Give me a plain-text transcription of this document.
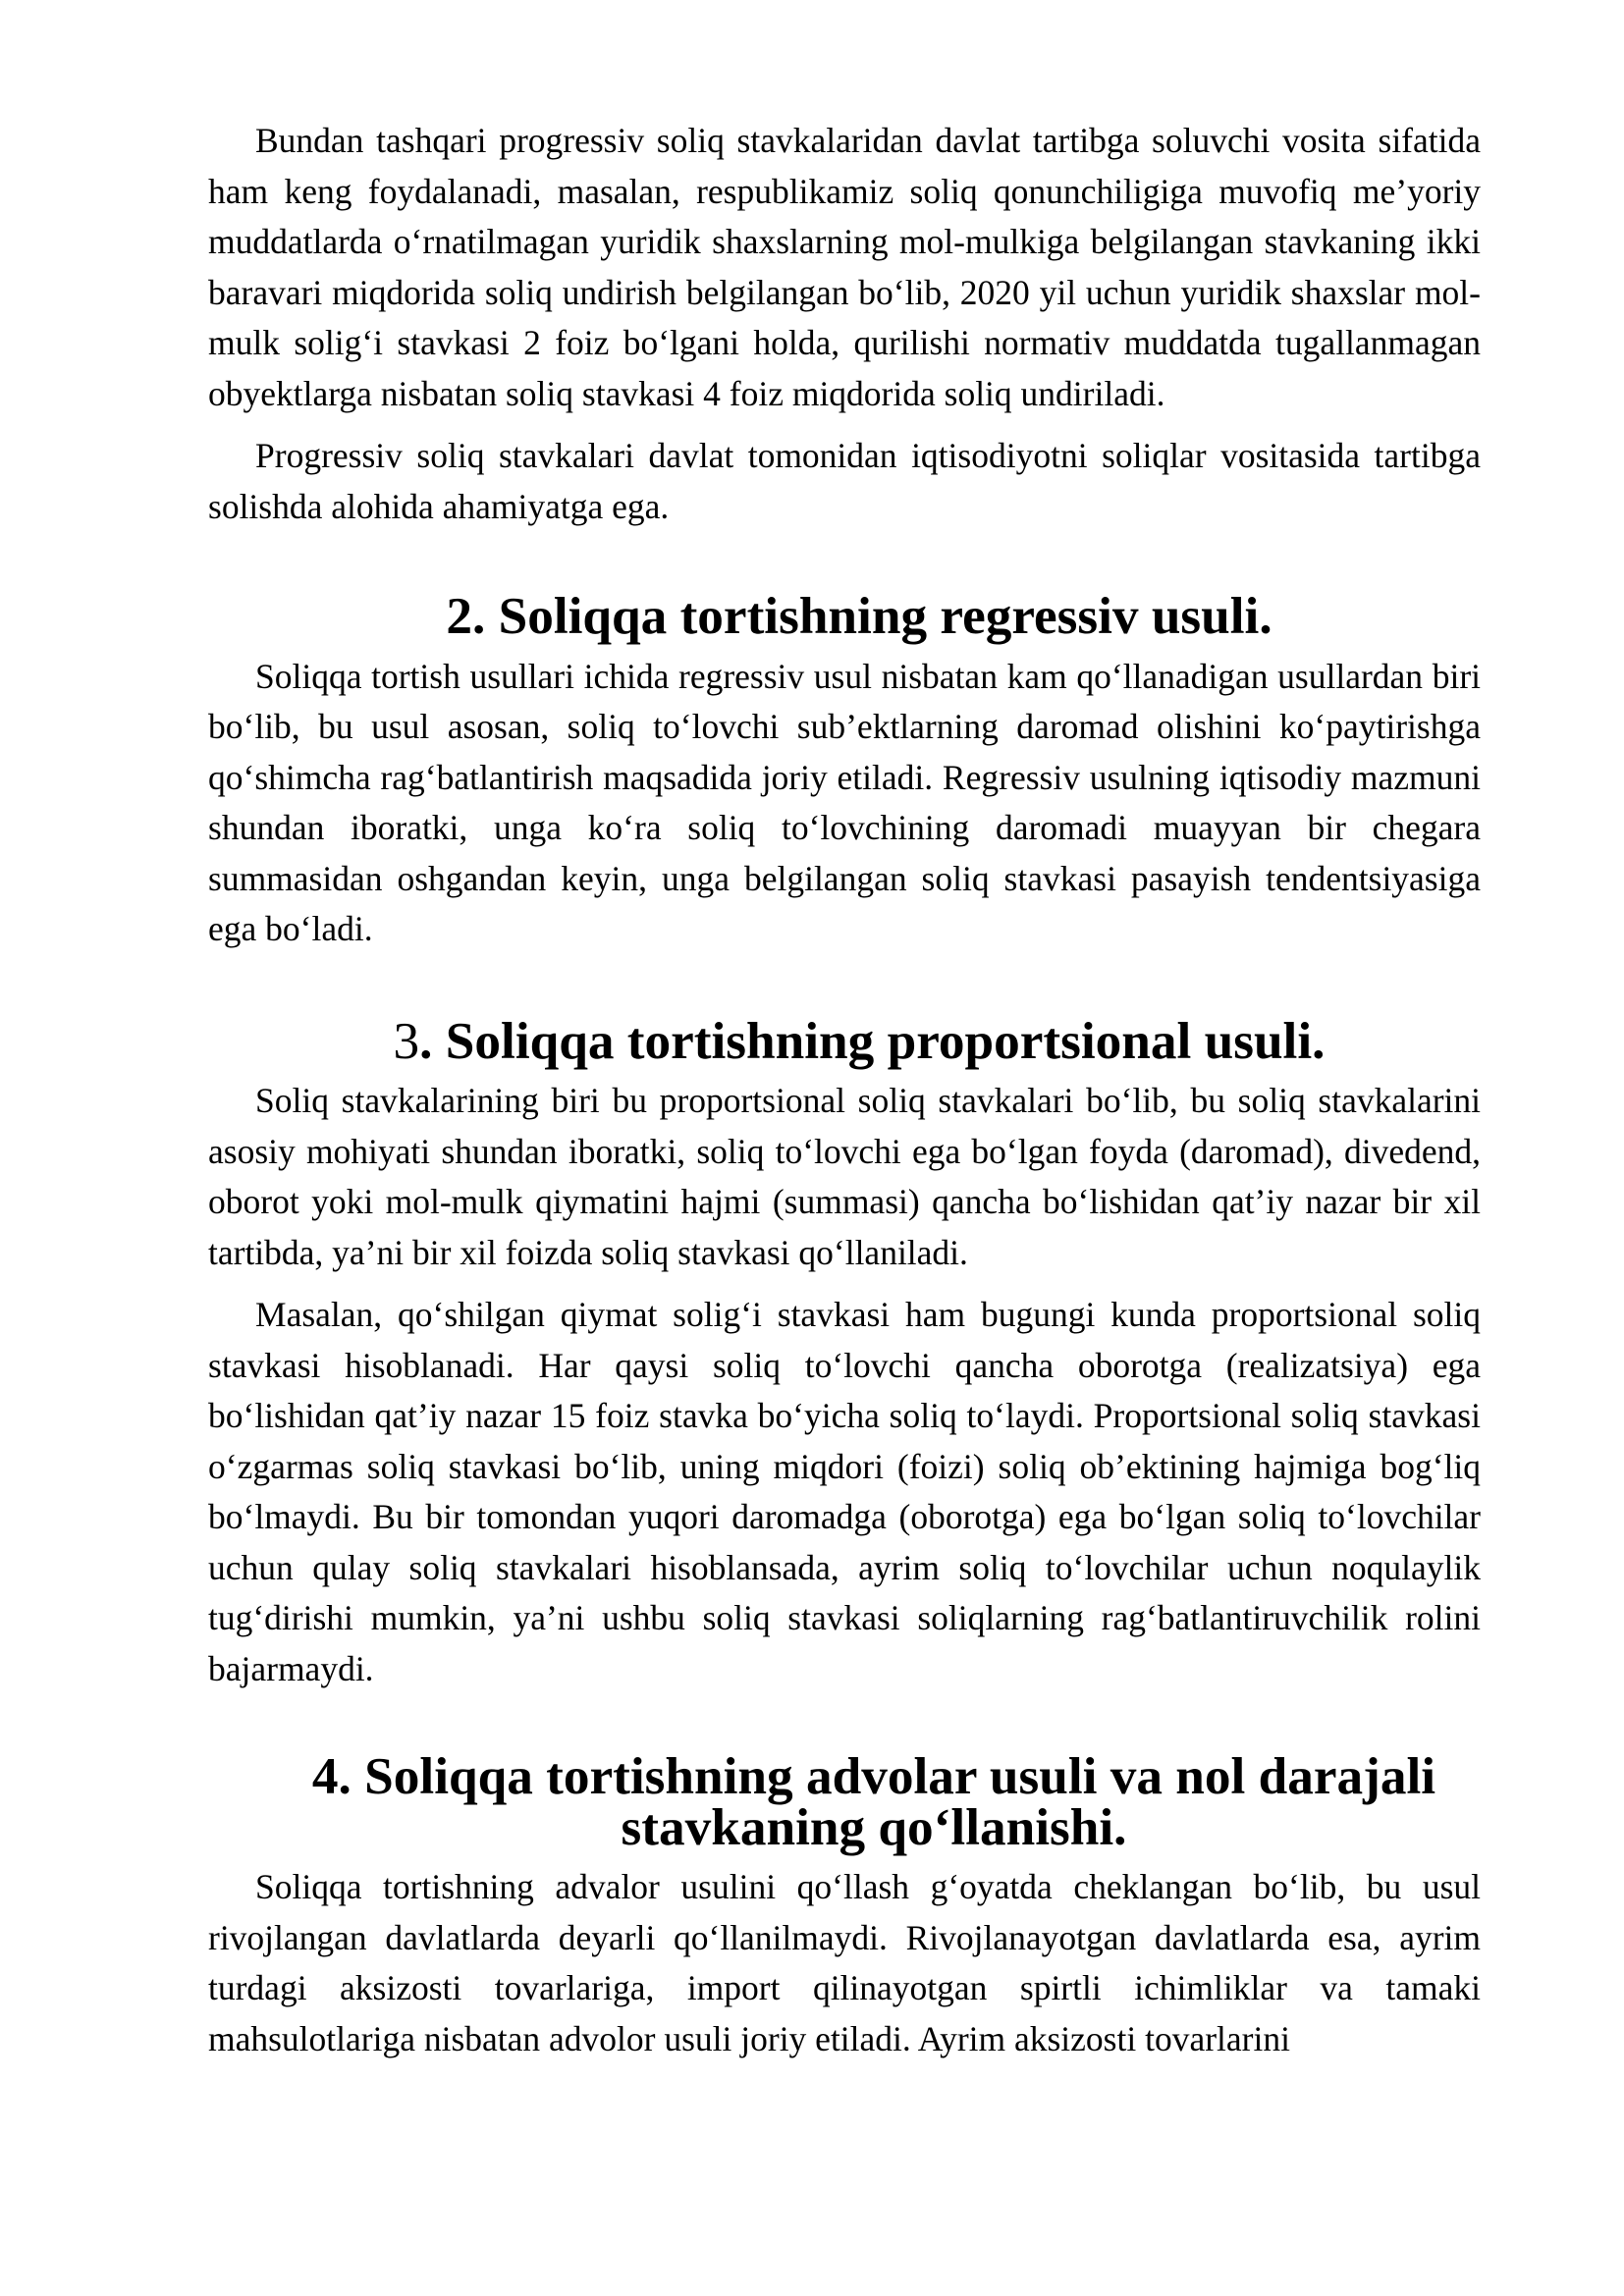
Bundan tashqari progressiv soliq stavkalaridan davlat tartibga soluvchi vosita sifatida ham keng foydalanadi, masalan, respublikamiz soliq qonunchiligiga muvofiq me’yoriy muddatlarda o‘rnatilmagan yuridik shaxslarning mol-mulkiga belgilangan stavkaning ikki baravari miqdorida soliq undirish belgilangan bo‘lib, 2020 yil uchun yuridik shaxslar mol-mulk solig‘i stavkasi 2 foiz bo‘lgani holda, qurilishi normativ muddatda tugallanmagan obyektlarga nisbatan soliq stavkasi 4 foiz miqdorida soliq undiriladi.

Progressiv soliq stavkalari davlat tomonidan iqtisodiyotni soliqlar vositasida tartibga solishda alohida ahamiyatga ega.

2. Soliqqa tortishning regressiv usuli.

Soliqqa tortish usullari ichida regressiv usul nisbatan kam qo‘llanadigan usullardan biri bo‘lib, bu usul asosan, soliq to‘lovchi sub’ektlarning daromad olishini ko‘paytirishga qo‘shimcha rag‘batlantirish maqsadida joriy etiladi. Regressiv usulning iqtisodiy mazmuni shundan iboratki, unga ko‘ra soliq to‘lovchining daromadi muayyan bir chegara summasidan oshgandan keyin, unga belgilangan soliq stavkasi pasayish tendentsiyasiga ega bo‘ladi.

3. Soliqqa tortishning proportsional usuli.

Soliq stavkalarining biri bu proportsional soliq stavkalari bo‘lib, bu soliq stavkalarini asosiy mohiyati shundan iboratki, soliq to‘lovchi ega bo‘lgan foyda (daromad), divedend, oborot yoki mol-mulk qiymatini hajmi (summasi) qancha bo‘lishidan qat’iy nazar bir xil tartibda, ya’ni bir xil foizda soliq stavkasi qo‘llaniladi.

Masalan, qo‘shilgan qiymat solig‘i stavkasi ham bugungi kunda proportsional soliq stavkasi hisoblanadi. Har qaysi soliq to‘lovchi qancha oborotga (realizatsiya) ega bo‘lishidan qat’iy nazar 15 foiz stavka bo‘yicha soliq to‘laydi. Proportsional soliq stavkasi o‘zgarmas soliq stavkasi bo‘lib, uning miqdori (foizi) soliq ob’ektining hajmiga bog‘liq bo‘lmaydi. Bu bir tomondan yuqori daromadga (oborotga) ega bo‘lgan soliq to‘lovchilar uchun qulay soliq stavkalari hisoblansada, ayrim soliq to‘lovchilar uchun noqulaylik tug‘dirishi mumkin, ya’ni ushbu soliq stavkasi soliqlarning rag‘batlantiruvchilik rolini bajarmaydi.

4. Soliqqa tortishning advolar usuli va nol darajali stavkaning qo‘llanishi.

Soliqqa tortishning advalor usulini qo‘llash g‘oyatda cheklangan bo‘lib, bu usul rivojlangan davlatlarda deyarli qo‘llanilmaydi. Rivojlanayotgan davlatlarda esa, ayrim turdagi aksizosti tovarlariga, import qilinayotgan spirtli ichimliklar va tamaki mahsulotlariga nisbatan advolor usuli joriy etiladi. Ayrim aksizosti tovarlarini
